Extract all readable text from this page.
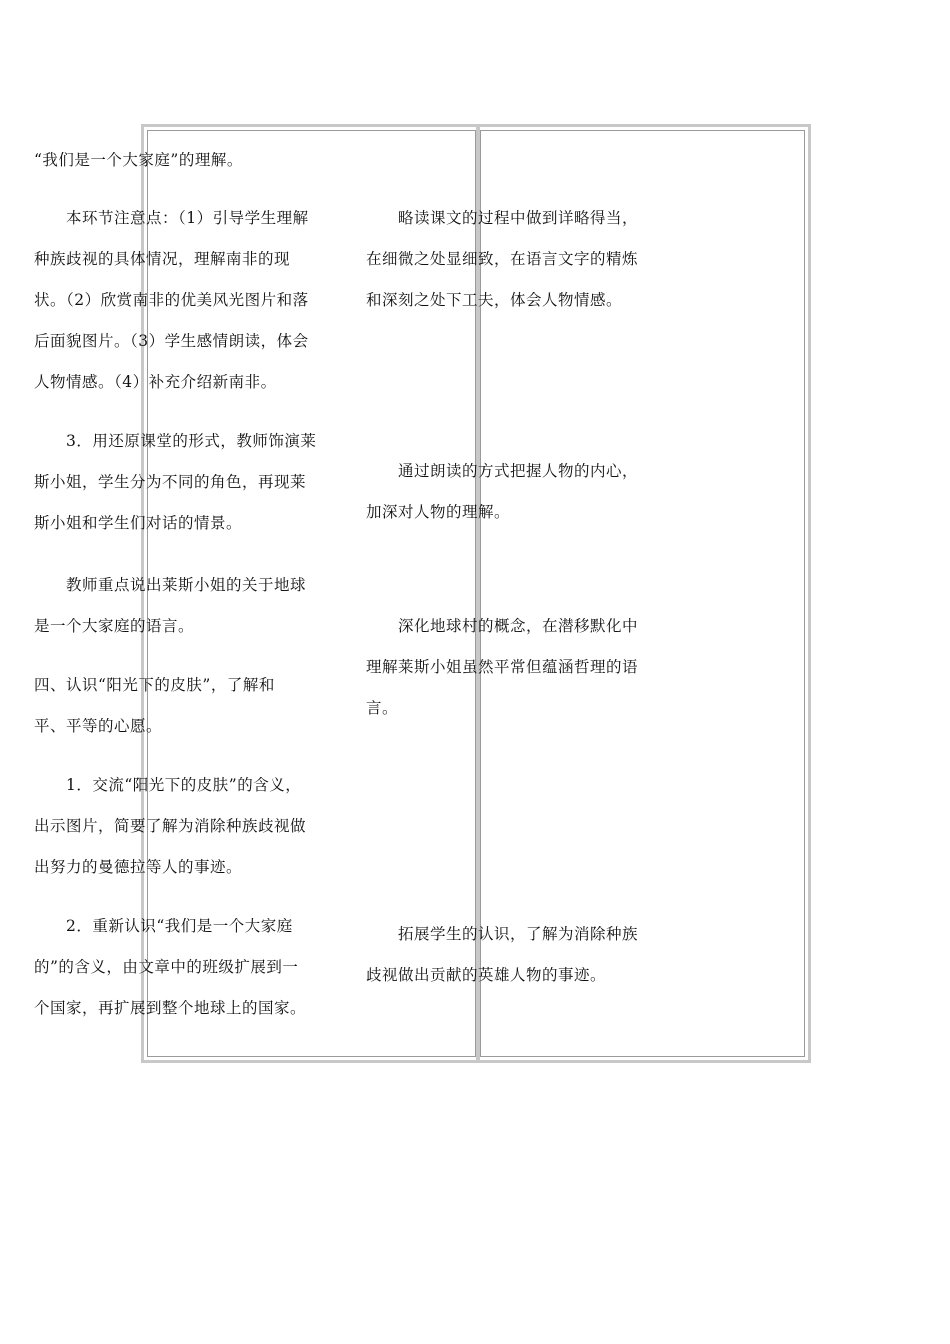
“我们是一个大家庭”的理解。
　　本环节注意点：（1）引导学生理解
种族歧视的具体情况，理解南非的现
状。（2）欣赏南非的优美风光图片和落
后面貌图片。（3）学生感情朗读，体会
人物情感。（4）补充介绍新南非。
　　3．用还原课堂的形式，教师饰演莱
斯小姐，学生分为不同的角色，再现莱
斯小姐和学生们对话的情景。
　　教师重点说出莱斯小姐的关于地球
是一个大家庭的语言。
四、认识“阳光下的皮肤”，了解和
平、平等的心愿。
　　1．交流“阳光下的皮肤”的含义，
出示图片，简要了解为消除种族歧视做
出努力的曼德拉等人的事迹。
　　2．重新认识“我们是一个大家庭
的”的含义，由文章中的班级扩展到一
个国家，再扩展到整个地球上的国家。
　　略读课文的过程中做到详略得当，
在细微之处显细致，在语言文字的精炼
和深刻之处下工夫，体会人物情感。
　　通过朗读的方式把握人物的内心，
加深对人物的理解。
　　深化地球村的概念，在潜移默化中
理解莱斯小姐虽然平常但蕴涵哲理的语
言。
　　拓展学生的认识，了解为消除种族
歧视做出贡献的英雄人物的事迹。
